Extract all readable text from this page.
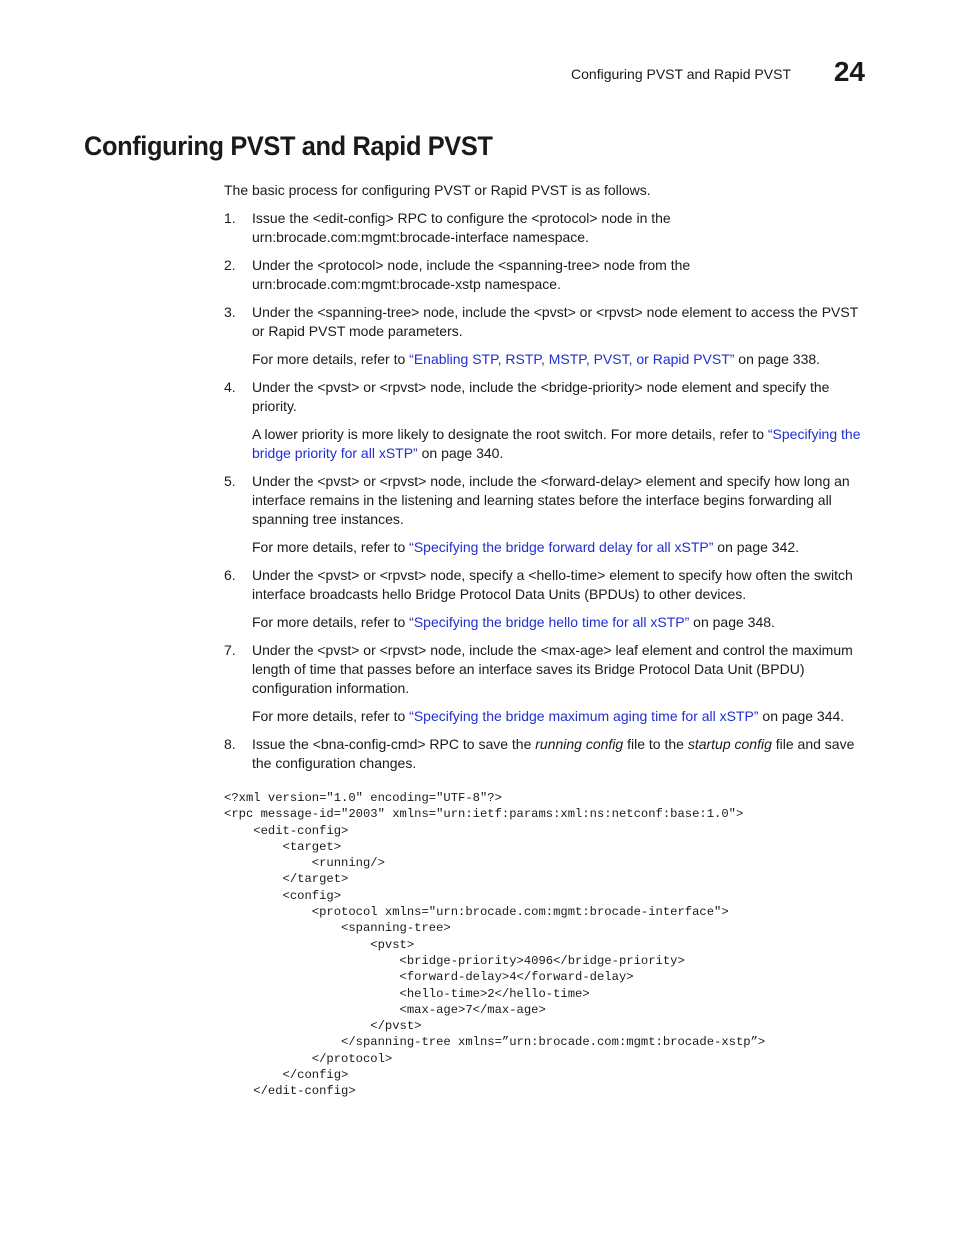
Configuring PVST and Rapid PVST 24
Configuring PVST and Rapid PVST

The basic process for configuring PVST or Rapid PVST is as follows.

1. Issue the <edit-config> RPC to configure the <protocol> node in the urn:brocade.com:mgmt:brocade-interface namespace.

2. Under the <protocol> node, include the <spanning-tree> node from the urn:brocade.com:mgmt:brocade-xstp namespace.

3. Under the <spanning-tree> node, include the <pvst> or <rpvst> node element to access the PVST or Rapid PVST mode parameters.

For more details, refer to “Enabling STP, RSTP, MSTP, PVST, or Rapid PVST” on page 338.

4. Under the <pvst> or <rpvst> node, include the <bridge-priority> node element and specify the priority.

A lower priority is more likely to designate the root switch. For more details, refer to “Specifying the bridge priority for all xSTP” on page 340.

5. Under the <pvst> or <rpvst> node, include the <forward-delay> element and specify how long an interface remains in the listening and learning states before the interface begins forwarding all spanning tree instances.

For more details, refer to “Specifying the bridge forward delay for all xSTP” on page 342.

6. Under the <pvst> or <rpvst> node, specify a <hello-time> element to specify how often the switch interface broadcasts hello Bridge Protocol Data Units (BPDUs) to other devices.

For more details, refer to “Specifying the bridge hello time for all xSTP” on page 348.

7. Under the <pvst> or <rpvst> node, include the <max-age> leaf element and control the maximum length of time that passes before an interface saves its Bridge Protocol Data Unit (BPDU) configuration information.

For more details, refer to “Specifying the bridge maximum aging time for all xSTP” on page 344.

8. Issue the <bna-config-cmd> RPC to save the running config file to the startup config file and save the configuration changes.

<?xml version="1.0" encoding="UTF-8"?>
<rpc message-id="2003" xmlns="urn:ietf:params:xml:ns:netconf:base:1.0">
<edit-config>
<target>
<running/>
</target>
<config>
<protocol xmlns="urn:brocade.com:mgmt:brocade-interface">
<spanning-tree>
<pvst>
<bridge-priority>4096</bridge-priority>
<forward-delay>4</forward-delay>
<hello-time>2</hello-time>
<max-age>7</max-age>
</pvst>
</spanning-tree xmlns=”urn:brocade.com:mgmt:brocade-xstp”>
</protocol>
</config>
</edit-config>
